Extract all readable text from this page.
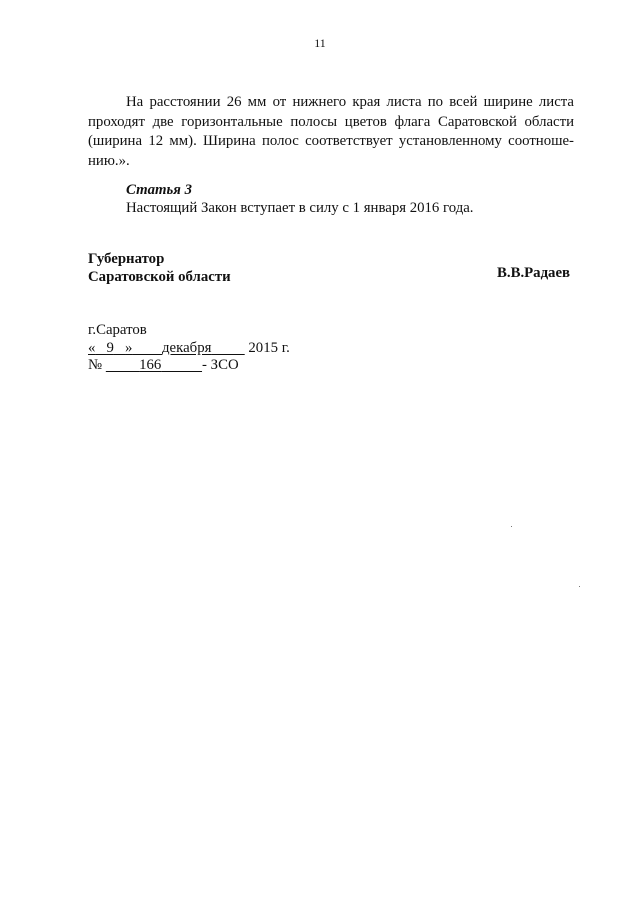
11
На расстоянии 26 мм от нижнего края листа по всей ширине листа проходят две горизонтальные полосы цветов флага Саратовской области (ширина 12 мм). Ширина полос соответствует установленному соотноше-нию.».
Статья 3
Настоящий Закон вступает в силу с 1 января 2016 года.
Губернатор
Саратовской области	В.В.Радаев
г.Саратов
« 9 » декабря	2015 г.
№	166	- ЗСО
